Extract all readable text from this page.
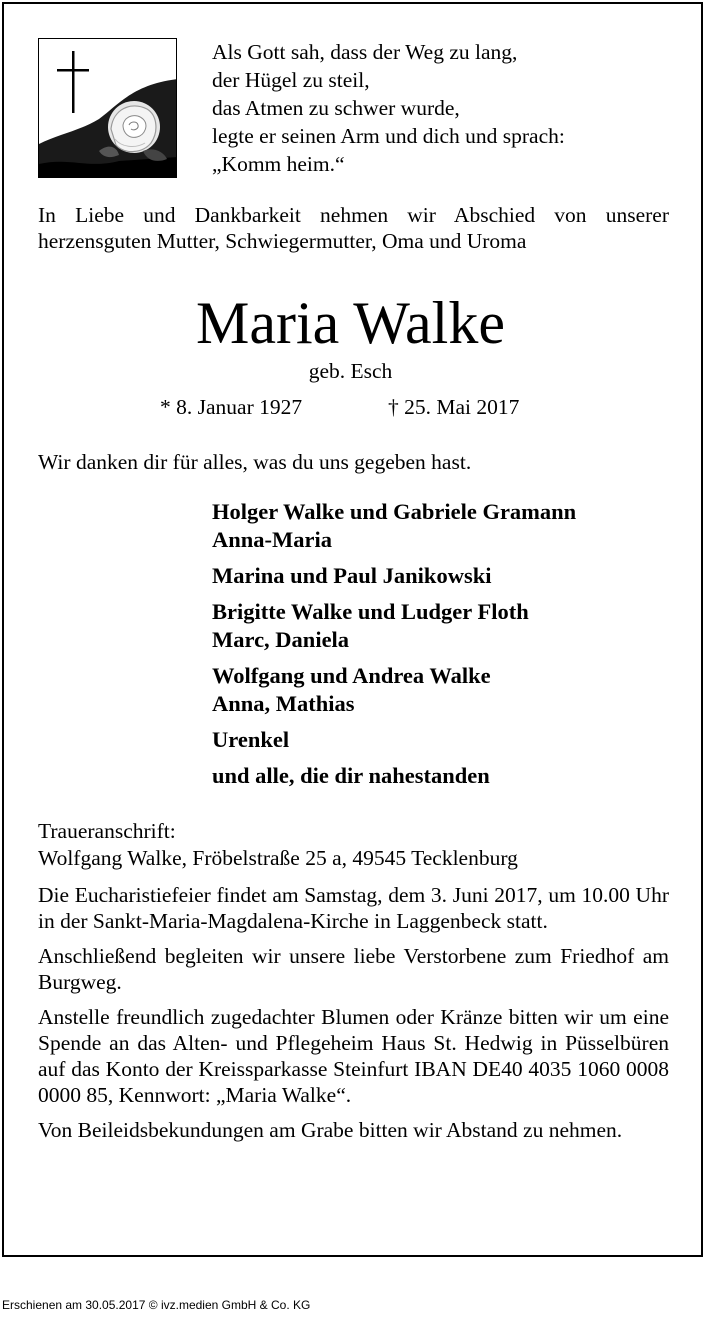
Als Gott sah, dass der Weg zu lang,
der Hügel zu steil,
das Atmen zu schwer wurde,
legte er seinen Arm und dich und sprach:
„Komm heim.“
In Liebe und Dankbarkeit nehmen wir Abschied von unserer herzensguten Mutter, Schwiegermutter, Oma und Uroma
Maria Walke
geb. Esch
* 8. Januar 1927	† 25. Mai 2017
Wir danken dir für alles, was du uns gegeben hast.
Holger Walke und Gabriele Gramann
Anna-Maria
Marina und Paul Janikowski
Brigitte Walke und Ludger Floth
Marc, Daniela
Wolfgang und Andrea Walke
Anna, Mathias
Urenkel
und alle, die dir nahestanden
Traueranschrift:
Wolfgang Walke, Fröbelstraße 25 a, 49545 Tecklenburg

Die Eucharistiefeier findet am Samstag, dem 3. Juni 2017, um 10.00 Uhr in der Sankt-Maria-Magdalena-Kirche in Laggenbeck statt.

Anschließend begleiten wir unsere liebe Verstorbene zum Friedhof am Burgweg.

Anstelle freundlich zugedachter Blumen oder Kränze bitten wir um eine Spende an das Alten- und Pflegeheim Haus St. Hedwig in Püsselbüren auf das Konto der Kreissparkasse Steinfurt IBAN DE40 4035 1060 0008 0000 85, Kennwort: „Maria Walke“.

Von Beileidsbekundungen am Grabe bitten wir Abstand zu nehmen.

Erschienen am 30.05.2017 © ivz.medien GmbH & Co. KG
